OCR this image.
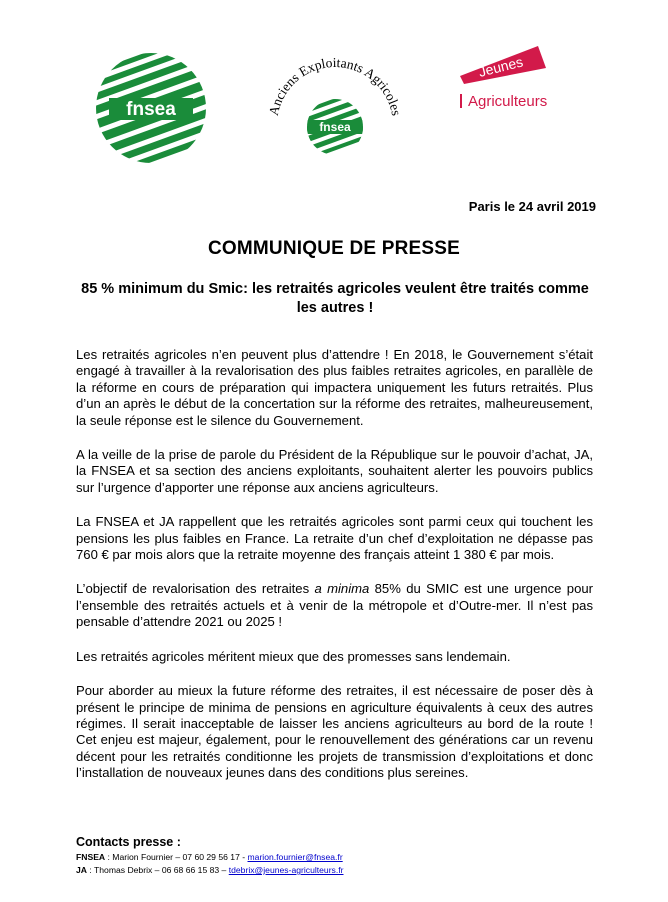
fnsea	Anciens Exploitants Agricoles
fnsea
Jeunes
Agriculteurs
Paris le 24 avril 2019
COMMUNIQUE DE PRESSE
85 % minimum du Smic: les retraités agricoles veulent être traités comme les autres !

Les retraités agricoles n’en peuvent plus d’attendre ! En 2018, le Gouvernement s’était engagé à travailler à la revalorisation des plus faibles retraites agricoles, en parallèle de la réforme en cours de préparation qui impactera uniquement les futurs retraités. Plus d’un an après le début de la concertation sur la réforme des retraites, malheureusement, la seule réponse est le silence du Gouvernement.

A la veille de la prise de parole du Président de la République sur le pouvoir d’achat, JA, la FNSEA et sa section des anciens exploitants, souhaitent alerter les pouvoirs publics sur l’urgence d’apporter une réponse aux anciens agriculteurs.

La FNSEA et JA rappellent que les retraités agricoles sont parmi ceux qui touchent les pensions les plus faibles en France. La retraite d’un chef d’exploitation ne dépasse pas 760 € par mois alors que la retraite moyenne des français atteint 1 380 € par mois.

L’objectif de revalorisation des retraites a minima 85% du SMIC est une urgence pour l’ensemble des retraités actuels et à venir de la métropole et d’Outre-mer. Il n’est pas pensable d’attendre 2021 ou 2025 !

Les retraités agricoles méritent mieux que des promesses sans lendemain.

Pour aborder au mieux la future réforme des retraites, il est nécessaire de poser dès à présent le principe de minima de pensions en agriculture équivalents à ceux des autres régimes. Il serait inacceptable de laisser les anciens agriculteurs au bord de la route ! Cet enjeu est majeur, également, pour le renouvellement des générations car un revenu décent pour les retraités conditionne les projets de transmission d’exploitations et donc l’installation de nouveaux jeunes dans des conditions plus sereines.

Contacts presse :
FNSEA : Marion Fournier – 07 60 29 56 17 - marion.fournier@fnsea.fr
JA : Thomas Debrix – 06 68 66 15 83 – tdebrix@jeunes-agriculteurs.fr
